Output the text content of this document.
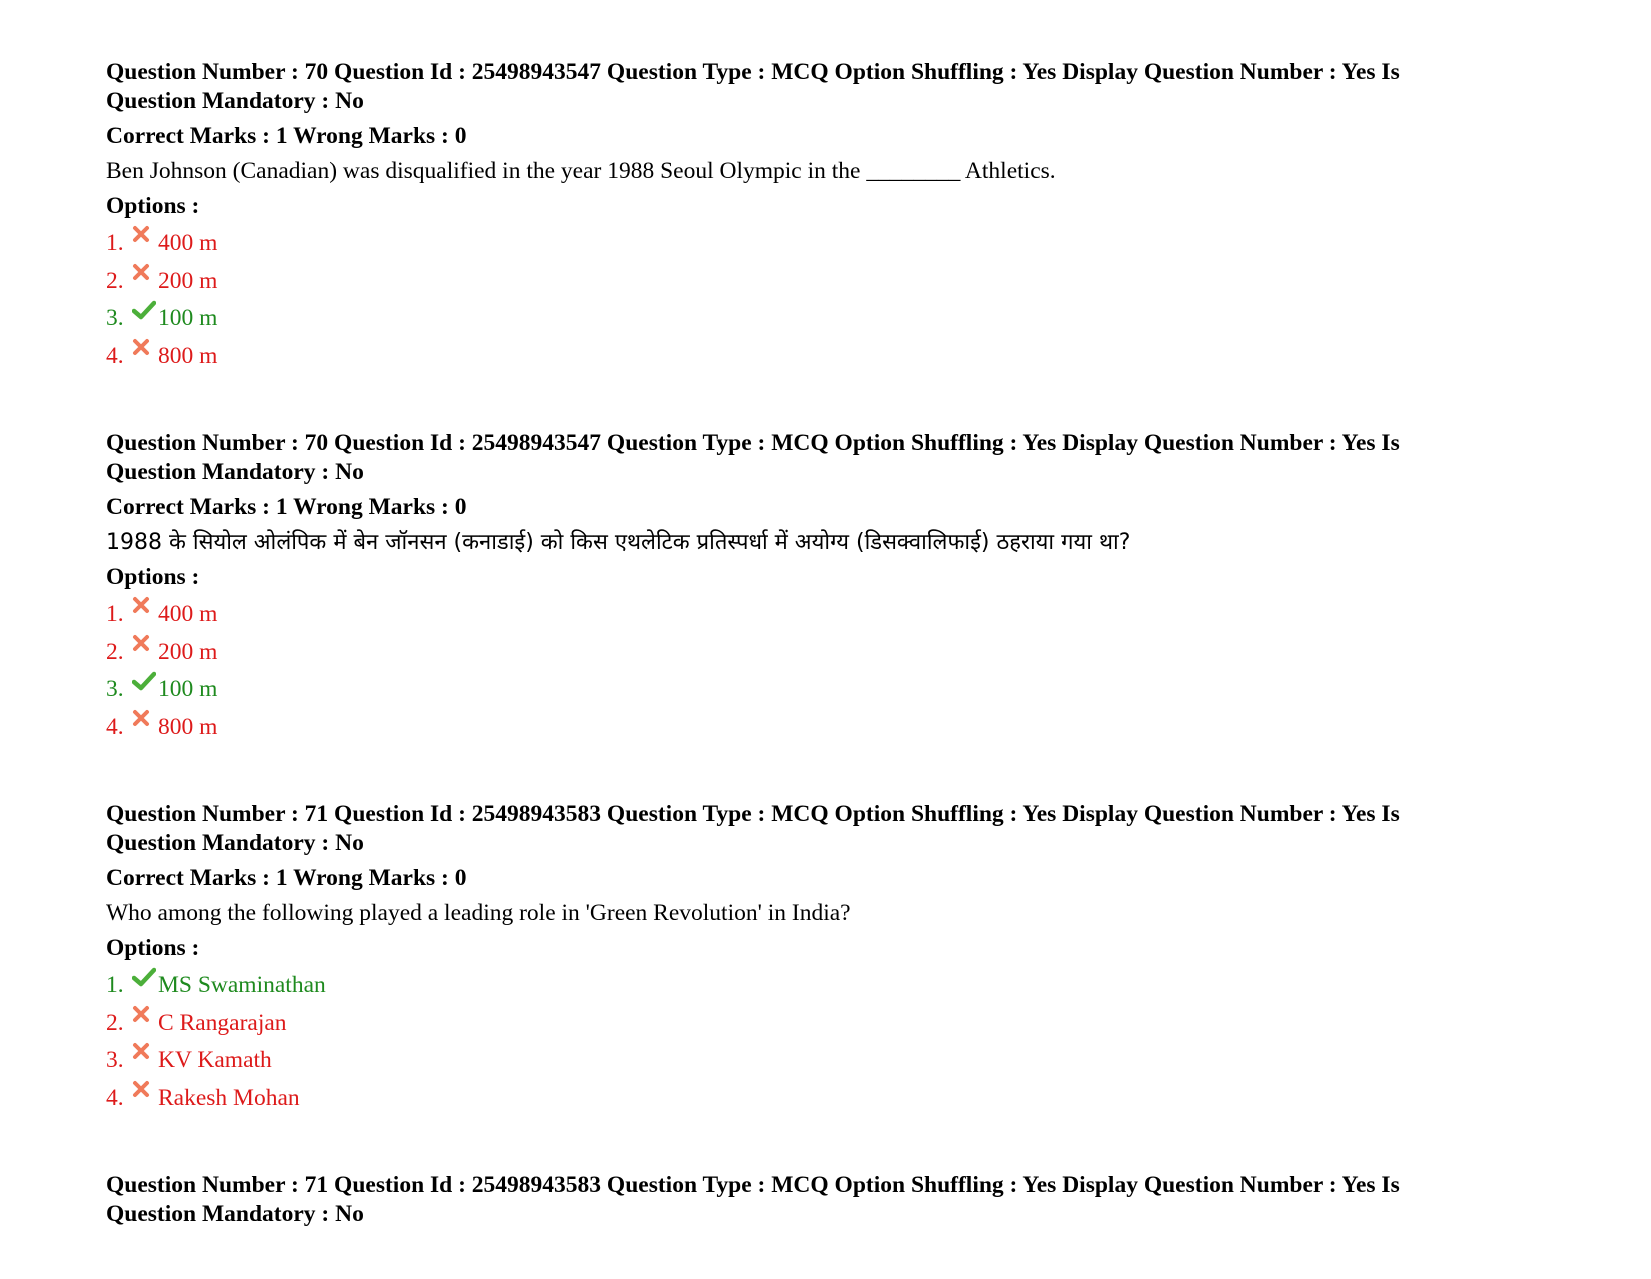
Question Number : 70 Question Id : 25498943547 Question Type : MCQ Option Shuffling : Yes Display Question Number : Yes Is
Question Mandatory : No
Correct Marks : 1 Wrong Marks : 0
Ben Johnson (Canadian) was disqualified in the year 1988 Seoul Olympic in the ________ Athletics.
Options :
1.	400 m
2.	200 m
3.	100 m
4.	800 m
Question Number : 70 Question Id : 25498943547 Question Type : MCQ Option Shuffling : Yes Display Question Number : Yes Is
Question Mandatory : No
Correct Marks : 1 Wrong Marks : 0
1988 के सियोल ओलंपिक में बेन जॉनसन (कनाडाई) को किस एथलेटिक प्रतिस्पर्धा में अयोग्य (डिसक्वालिफाई) ठहराया गया था?
Options :
1.	400 m
2.	200 m
3.	100 m
4.	800 m
Question Number : 71 Question Id : 25498943583 Question Type : MCQ Option Shuffling : Yes Display Question Number : Yes Is
Question Mandatory : No
Correct Marks : 1 Wrong Marks : 0
Who among the following played a leading role in 'Green Revolution' in India?
Options :
1.	MS Swaminathan
2.	C Rangarajan
3.	KV Kamath
4.	Rakesh Mohan
Question Number : 71 Question Id : 25498943583 Question Type : MCQ Option Shuffling : Yes Display Question Number : Yes Is
Question Mandatory : No
